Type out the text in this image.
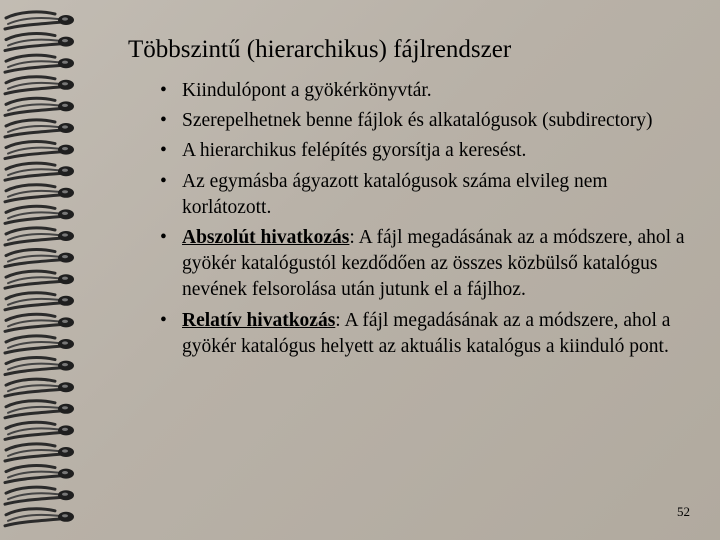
Többszintű (hierarchikus) fájlrendszer
• Kiindulópont a gyökérkönyvtár.
• Szerepelhetnek benne fájlok és alkatalógusok (subdirectory)
• A hierarchikus felépítés gyorsítja a keresést.
• Az egymásba ágyazott katalógusok száma elvileg nem korlátozott.
• Abszolút hivatkozás: A fájl megadásának az a módszere, ahol a gyökér katalógustól kezdődően az összes közbülső katalógus nevének felsorolása után jutunk el a fájlhoz.
• Relatív hivatkozás: A fájl megadásának az a módszere, ahol a gyökér katalógus helyett az aktuális katalógus a kiinduló pont.
52
